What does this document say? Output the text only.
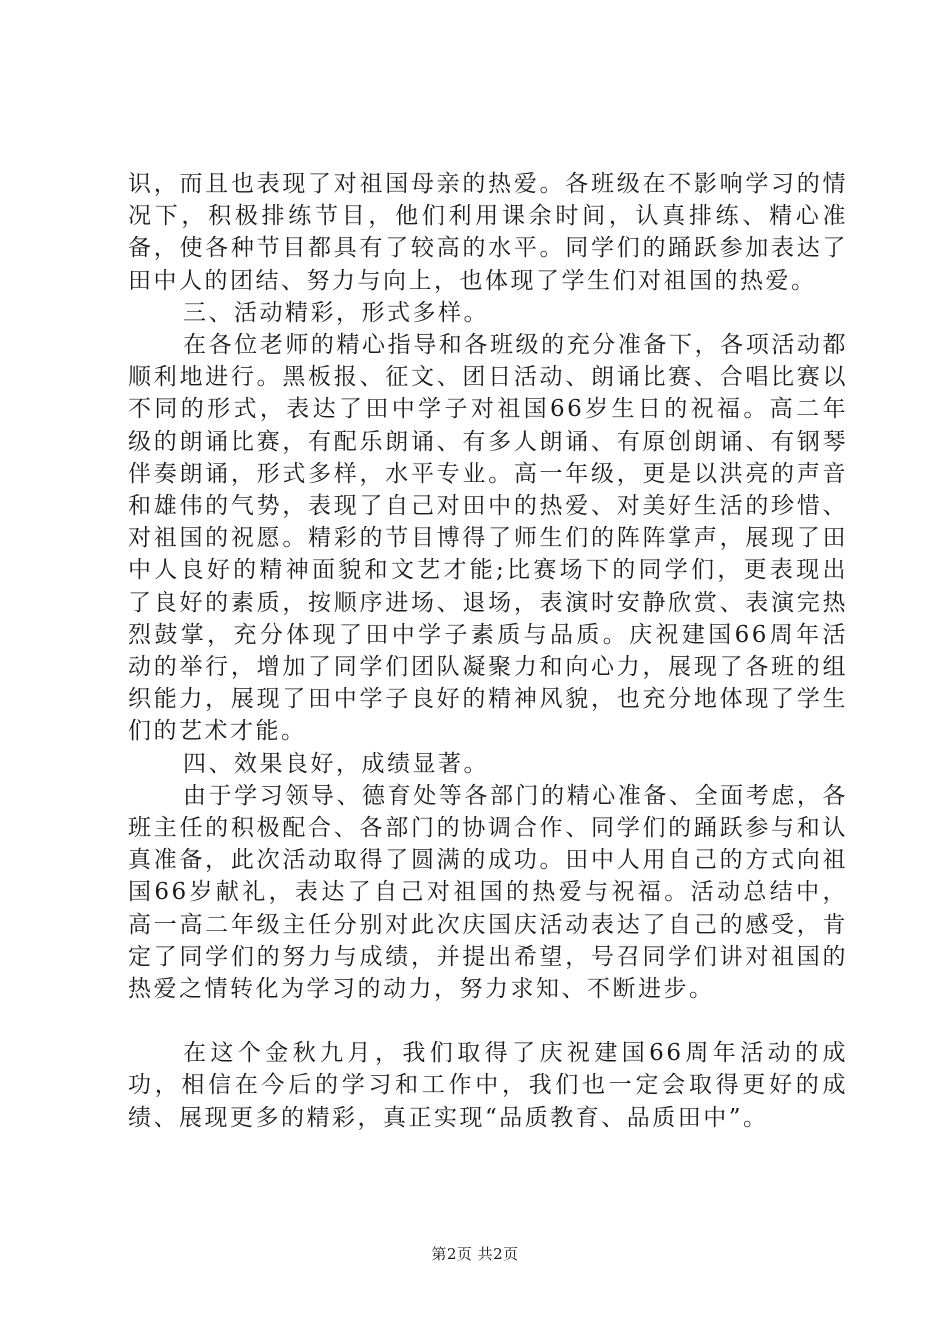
识，而且也表现了对祖国母亲的热爱。各班级在不影响学习的情况下，积极排练节目，他们利用课余时间，认真排练、精心准备，使各种节目都具有了较高的水平。同学们的踊跃参加表达了田中人的团结、努力与向上，也体现了学生们对祖国的热爱。

三、活动精彩，形式多样。

在各位老师的精心指导和各班级的充分准备下，各项活动都顺利地进行。黑板报、征文、团日活动、朗诵比赛、合唱比赛以不同的形式，表达了田中学子对祖国66岁生日的祝福。高二年级的朗诵比赛，有配乐朗诵、有多人朗诵、有原创朗诵、有钢琴伴奏朗诵，形式多样，水平专业。高一年级，更是以洪亮的声音和雄伟的气势，表现了自己对田中的热爱、对美好生活的珍惜、对祖国的祝愿。精彩的节目博得了师生们的阵阵掌声，展现了田中人良好的精神面貌和文艺才能;比赛场下的同学们，更表现出了良好的素质，按顺序进场、退场，表演时安静欣赏、表演完热烈鼓掌，充分体现了田中学子素质与品质。庆祝建国66周年活动的举行，增加了同学们团队凝聚力和向心力，展现了各班的组织能力，展现了田中学子良好的精神风貌，也充分地体现了学生们的艺术才能。

四、效果良好，成绩显著。

由于学习领导、德育处等各部门的精心准备、全面考虑，各班主任的积极配合、各部门的协调合作、同学们的踊跃参与和认真准备，此次活动取得了圆满的成功。田中人用自己的方式向祖国66岁献礼，表达了自己对祖国的热爱与祝福。活动总结中，高一高二年级主任分别对此次庆国庆活动表达了自己的感受，肯定了同学们的努力与成绩，并提出希望，号召同学们讲对祖国的热爱之情转化为学习的动力，努力求知、不断进步。

在这个金秋九月，我们取得了庆祝建国66周年活动的成功，相信在今后的学习和工作中，我们也一定会取得更好的成绩、展现更多的精彩，真正实现“品质教育、品质田中”。

第2页 共2页
